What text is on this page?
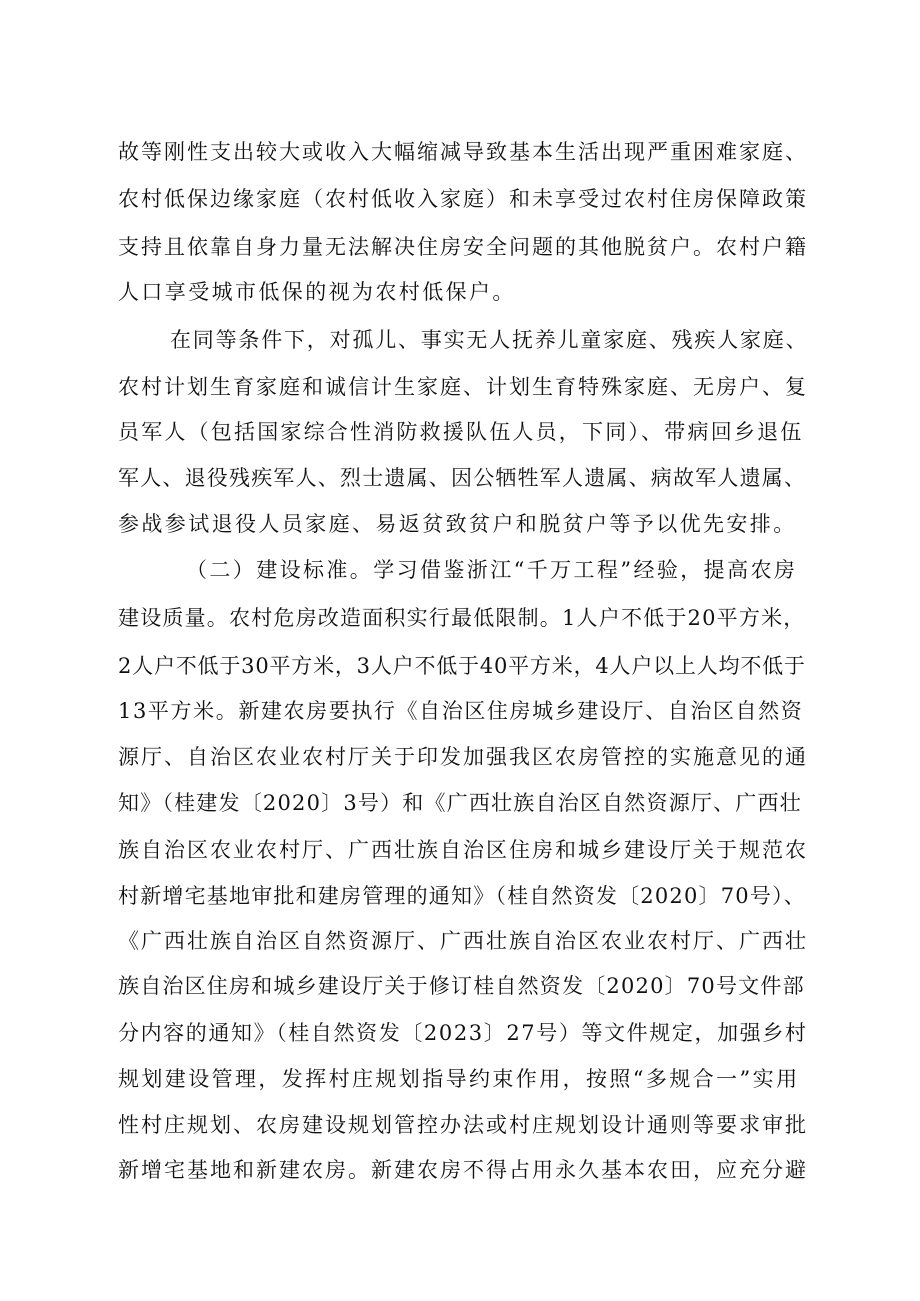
故等刚性支出较大或收入大幅缩减导致基本生活出现严重困难家庭、
农村低保边缘家庭（农村低收入家庭）和未享受过农村住房保障政策
支持且依靠自身力量无法解决住房安全问题的其他脱贫户。农村户籍
人口享受城市低保的视为农村低保户。
在同等条件下，对孤儿、事实无人抚养儿童家庭、残疾人家庭、
农村计划生育家庭和诚信计生家庭、计划生育特殊家庭、无房户、复
员军人（包括国家综合性消防救援队伍人员，下同）、带病回乡退伍
军人、退役残疾军人、烈士遗属、因公牺牲军人遗属、病故军人遗属、
参战参试退役人员家庭、易返贫致贫户和脱贫户等予以优先安排。
（二）建设标准。学习借鉴浙江“千万工程”经验，提高农房
建设质量。农村危房改造面积实行最低限制。1人户不低于20平方米，
2人户不低于30平方米，3人户不低于40平方米，4人户以上人均不低于
13平方米。新建农房要执行《自治区住房城乡建设厅、自治区自然资
源厅、自治区农业农村厅关于印发加强我区农房管控的实施意见的通
知》（桂建发〔2020〕3号）和《广西壮族自治区自然资源厅、广西壮
族自治区农业农村厅、广西壮族自治区住房和城乡建设厅关于规范农
村新增宅基地审批和建房管理的通知》（桂自然资发〔2020〕70号）、
《广西壮族自治区自然资源厅、广西壮族自治区农业农村厅、广西壮
族自治区住房和城乡建设厅关于修订桂自然资发〔2020〕70号文件部
分内容的通知》（桂自然资发〔2023〕27号）等文件规定，加强乡村
规划建设管理，发挥村庄规划指导约束作用，按照“多规合一”实用
性村庄规划、农房建设规划管控办法或村庄规划设计通则等要求审批
新增宅基地和新建农房。新建农房不得占用永久基本农田，应充分避
